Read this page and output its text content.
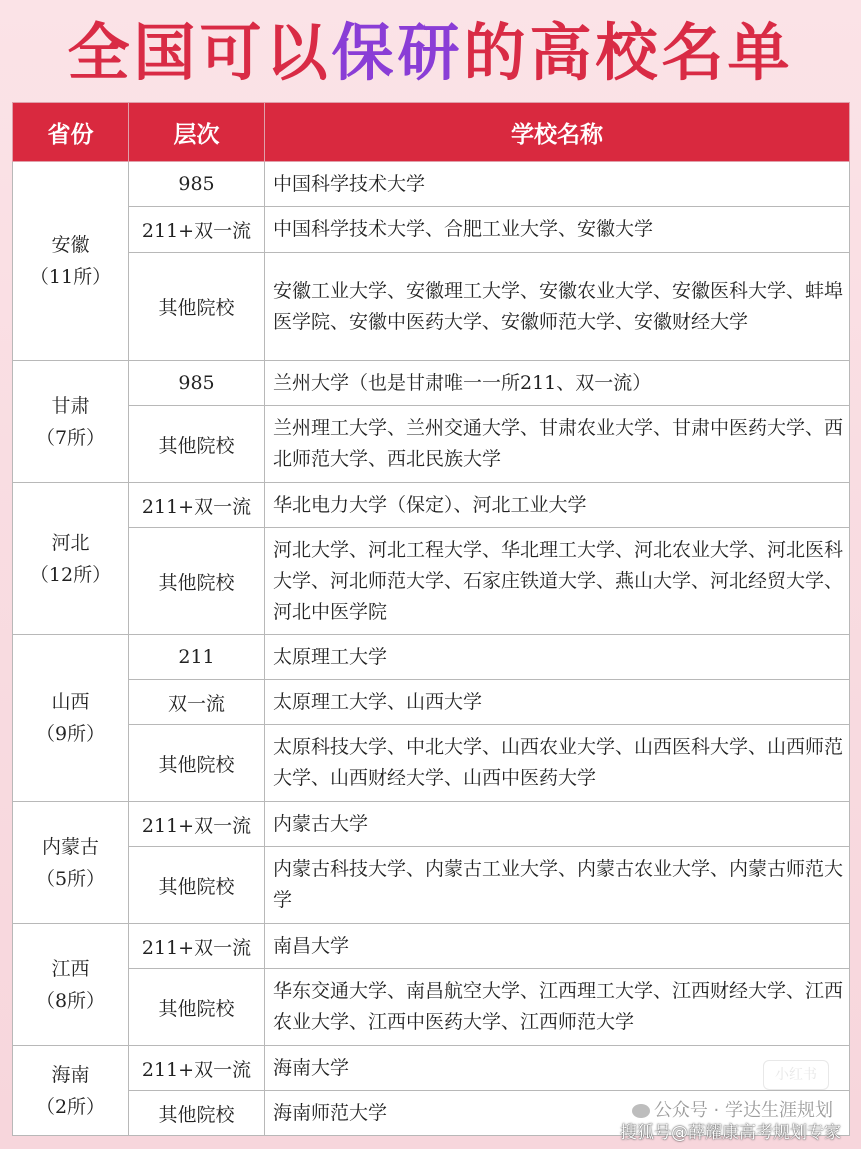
全国可以保研的高校名单
省份	层次	学校名称

安徽
（11所）	985	中国科学技术大学
	211+双一流	中国科学技术大学、合肥工业大学、安徽大学
	其他院校	安徽工业大学、安徽理工大学、安徽农业大学、安徽医科大学、蚌埠医学院、安徽中医药大学、安徽师范大学、安徽财经大学

甘肃
（7所）	985	兰州大学（也是甘肃唯一一所211、双一流）
	其他院校	兰州理工大学、兰州交通大学、甘肃农业大学、甘肃中医药大学、西北师范大学、西北民族大学

河北
（12所）	211+双一流	华北电力大学（保定）、河北工业大学
	其他院校	河北大学、河北工程大学、华北理工大学、河北农业大学、河北医科大学、河北师范大学、石家庄铁道大学、燕山大学、河北经贸大学、河北中医学院

山西
（9所）	211	太原理工大学
	双一流	太原理工大学、山西大学
	其他院校	太原科技大学、中北大学、山西农业大学、山西医科大学、山西师范大学、山西财经大学、山西中医药大学

内蒙古
（5所）	211+双一流	内蒙古大学
	其他院校	内蒙古科技大学、内蒙古工业大学、内蒙古农业大学、内蒙古师范大学

江西
（8所）	211+双一流	南昌大学
	其他院校	华东交通大学、南昌航空大学、江西理工大学、江西财经大学、江西农业大学、江西中医药大学、江西师范大学

海南
（2所）	211+双一流	海南大学
	其他院校	海南师范大学
小红书
公众号 · 学达生涯规划
搜狐号@薛耀康高考规划专家
